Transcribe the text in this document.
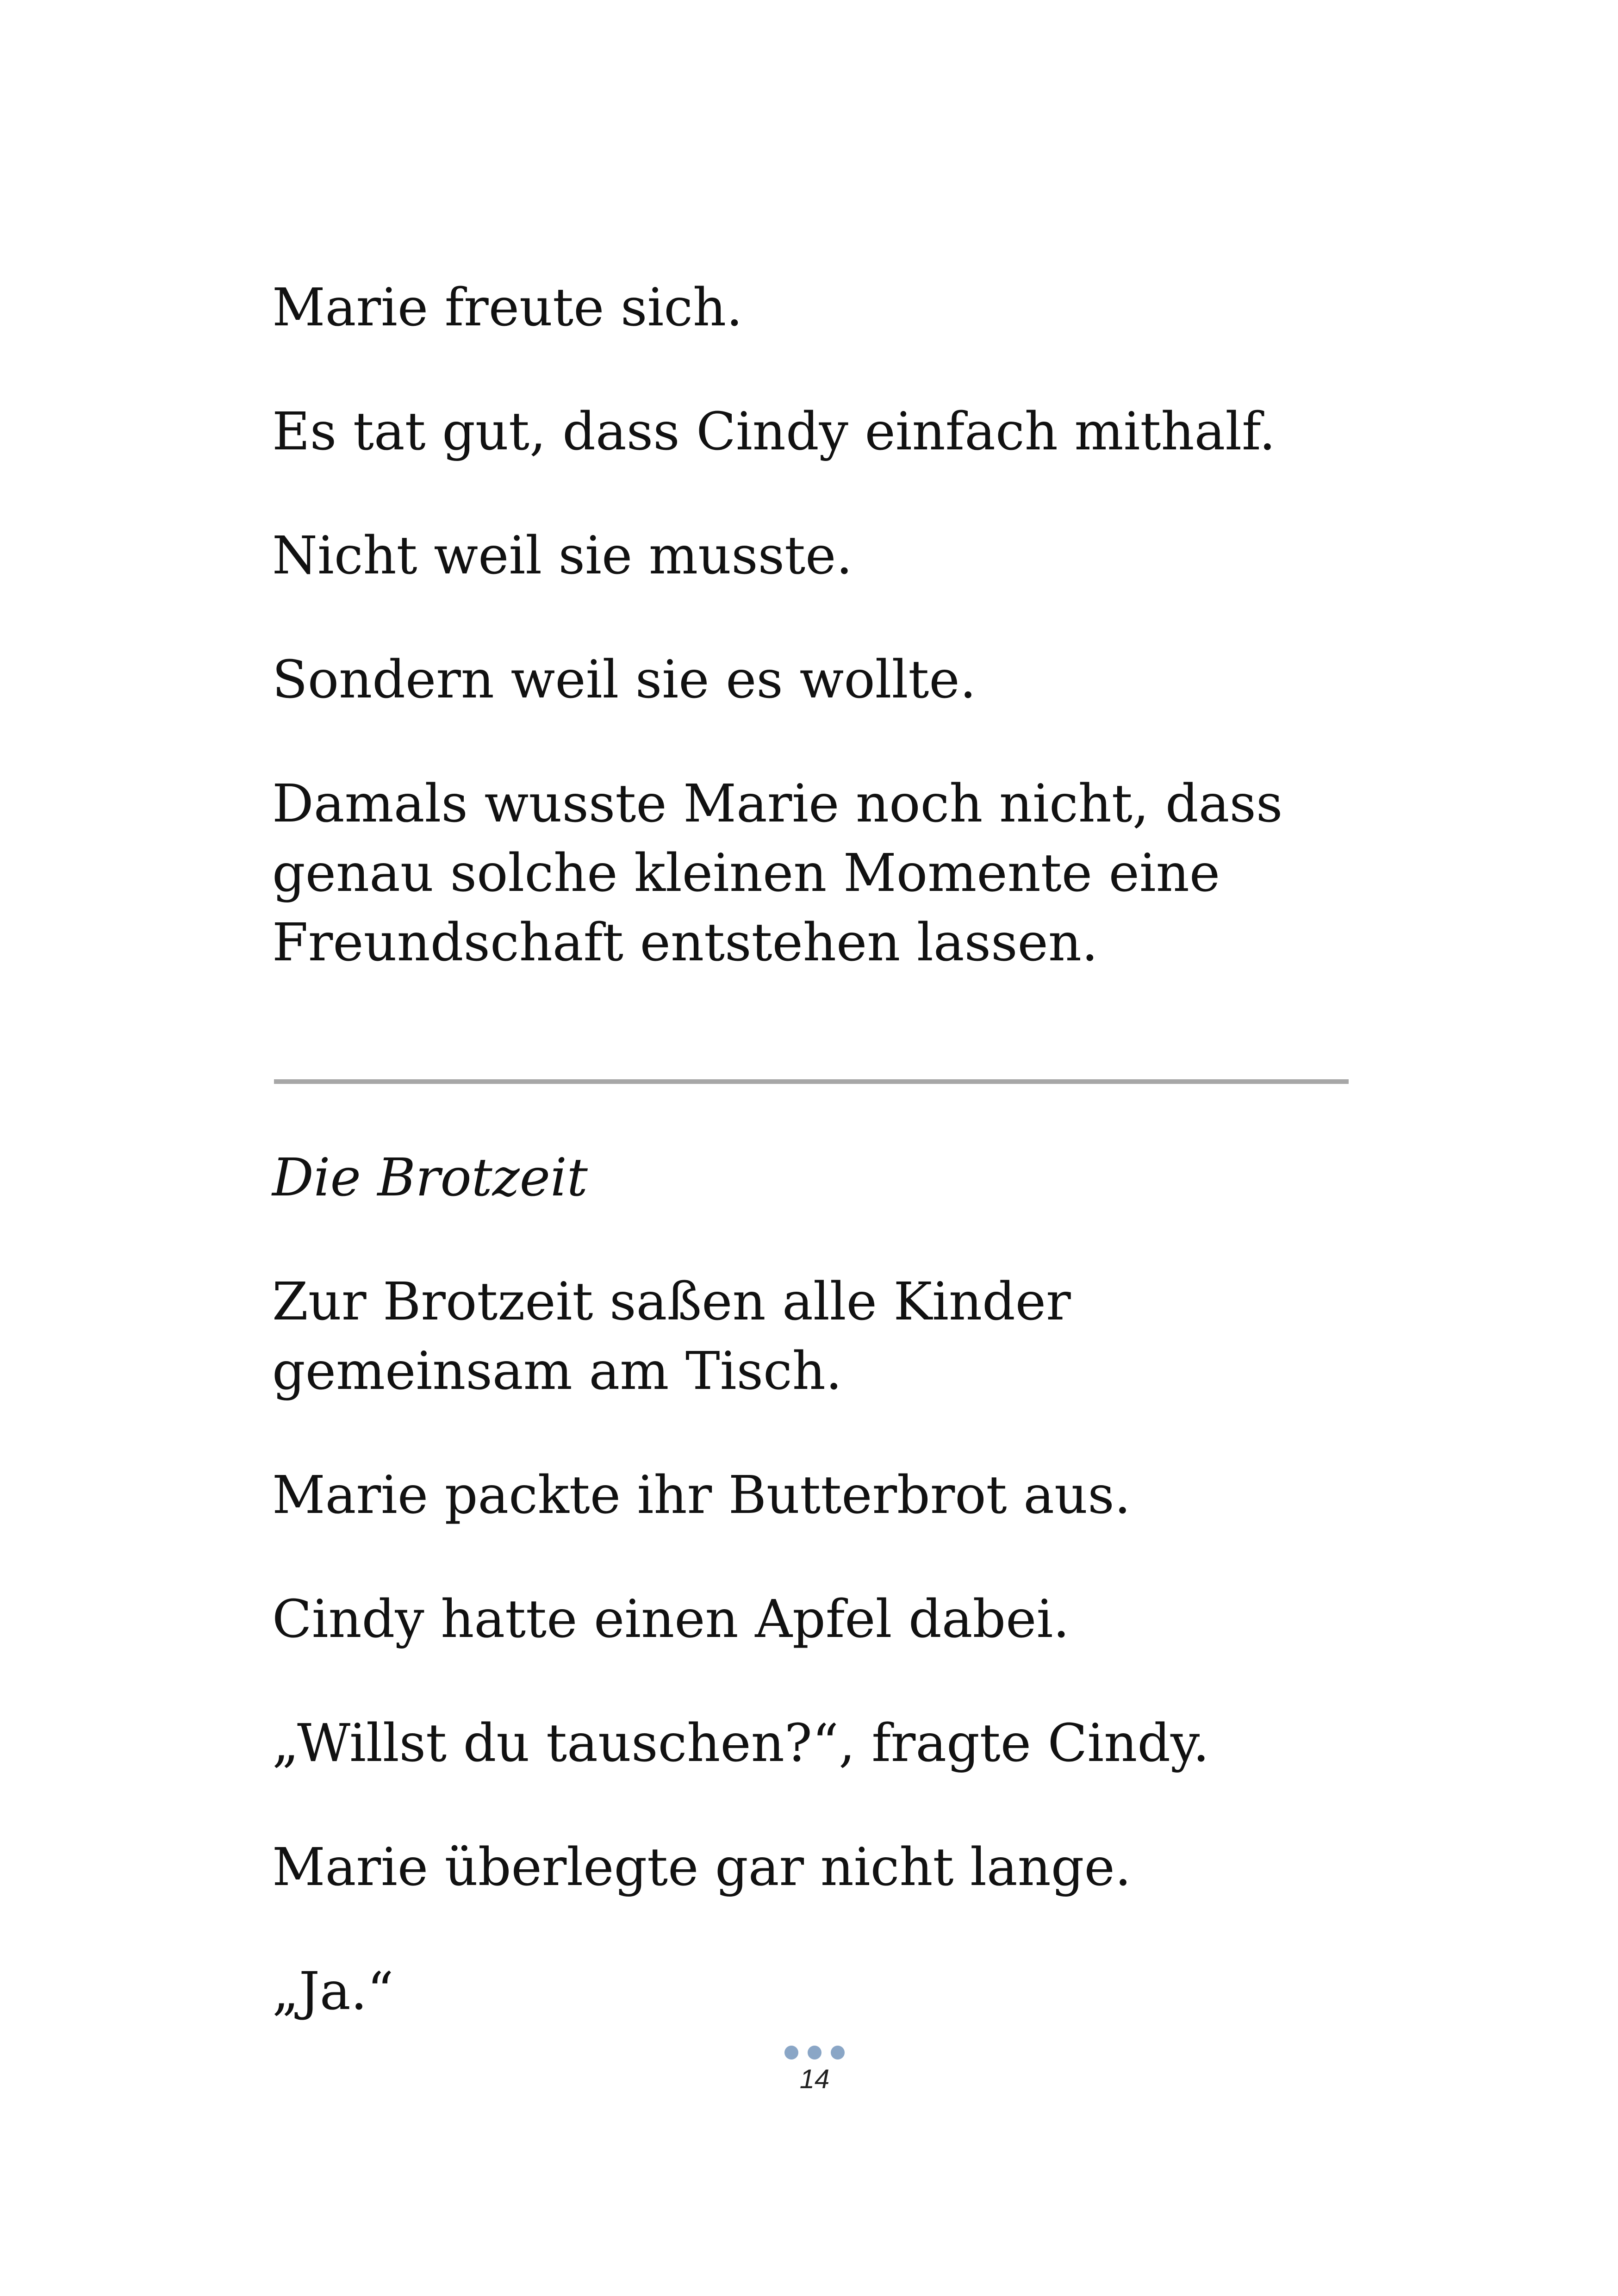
Marie freute sich.

Es tat gut, dass Cindy einfach mithalf.

Nicht weil sie musste.

Sondern weil sie es wollte.

Damals wusste Marie noch nicht, dass
genau solche kleinen Momente eine
Freundschaft entstehen lassen.

Die Brotzeit

Zur Brotzeit saßen alle Kinder
gemeinsam am Tisch.

Marie packte ihr Butterbrot aus.

Cindy hatte einen Apfel dabei.

„Willst du tauschen?“, fragte Cindy.

Marie überlegte gar nicht lange.

„Ja.“

14
